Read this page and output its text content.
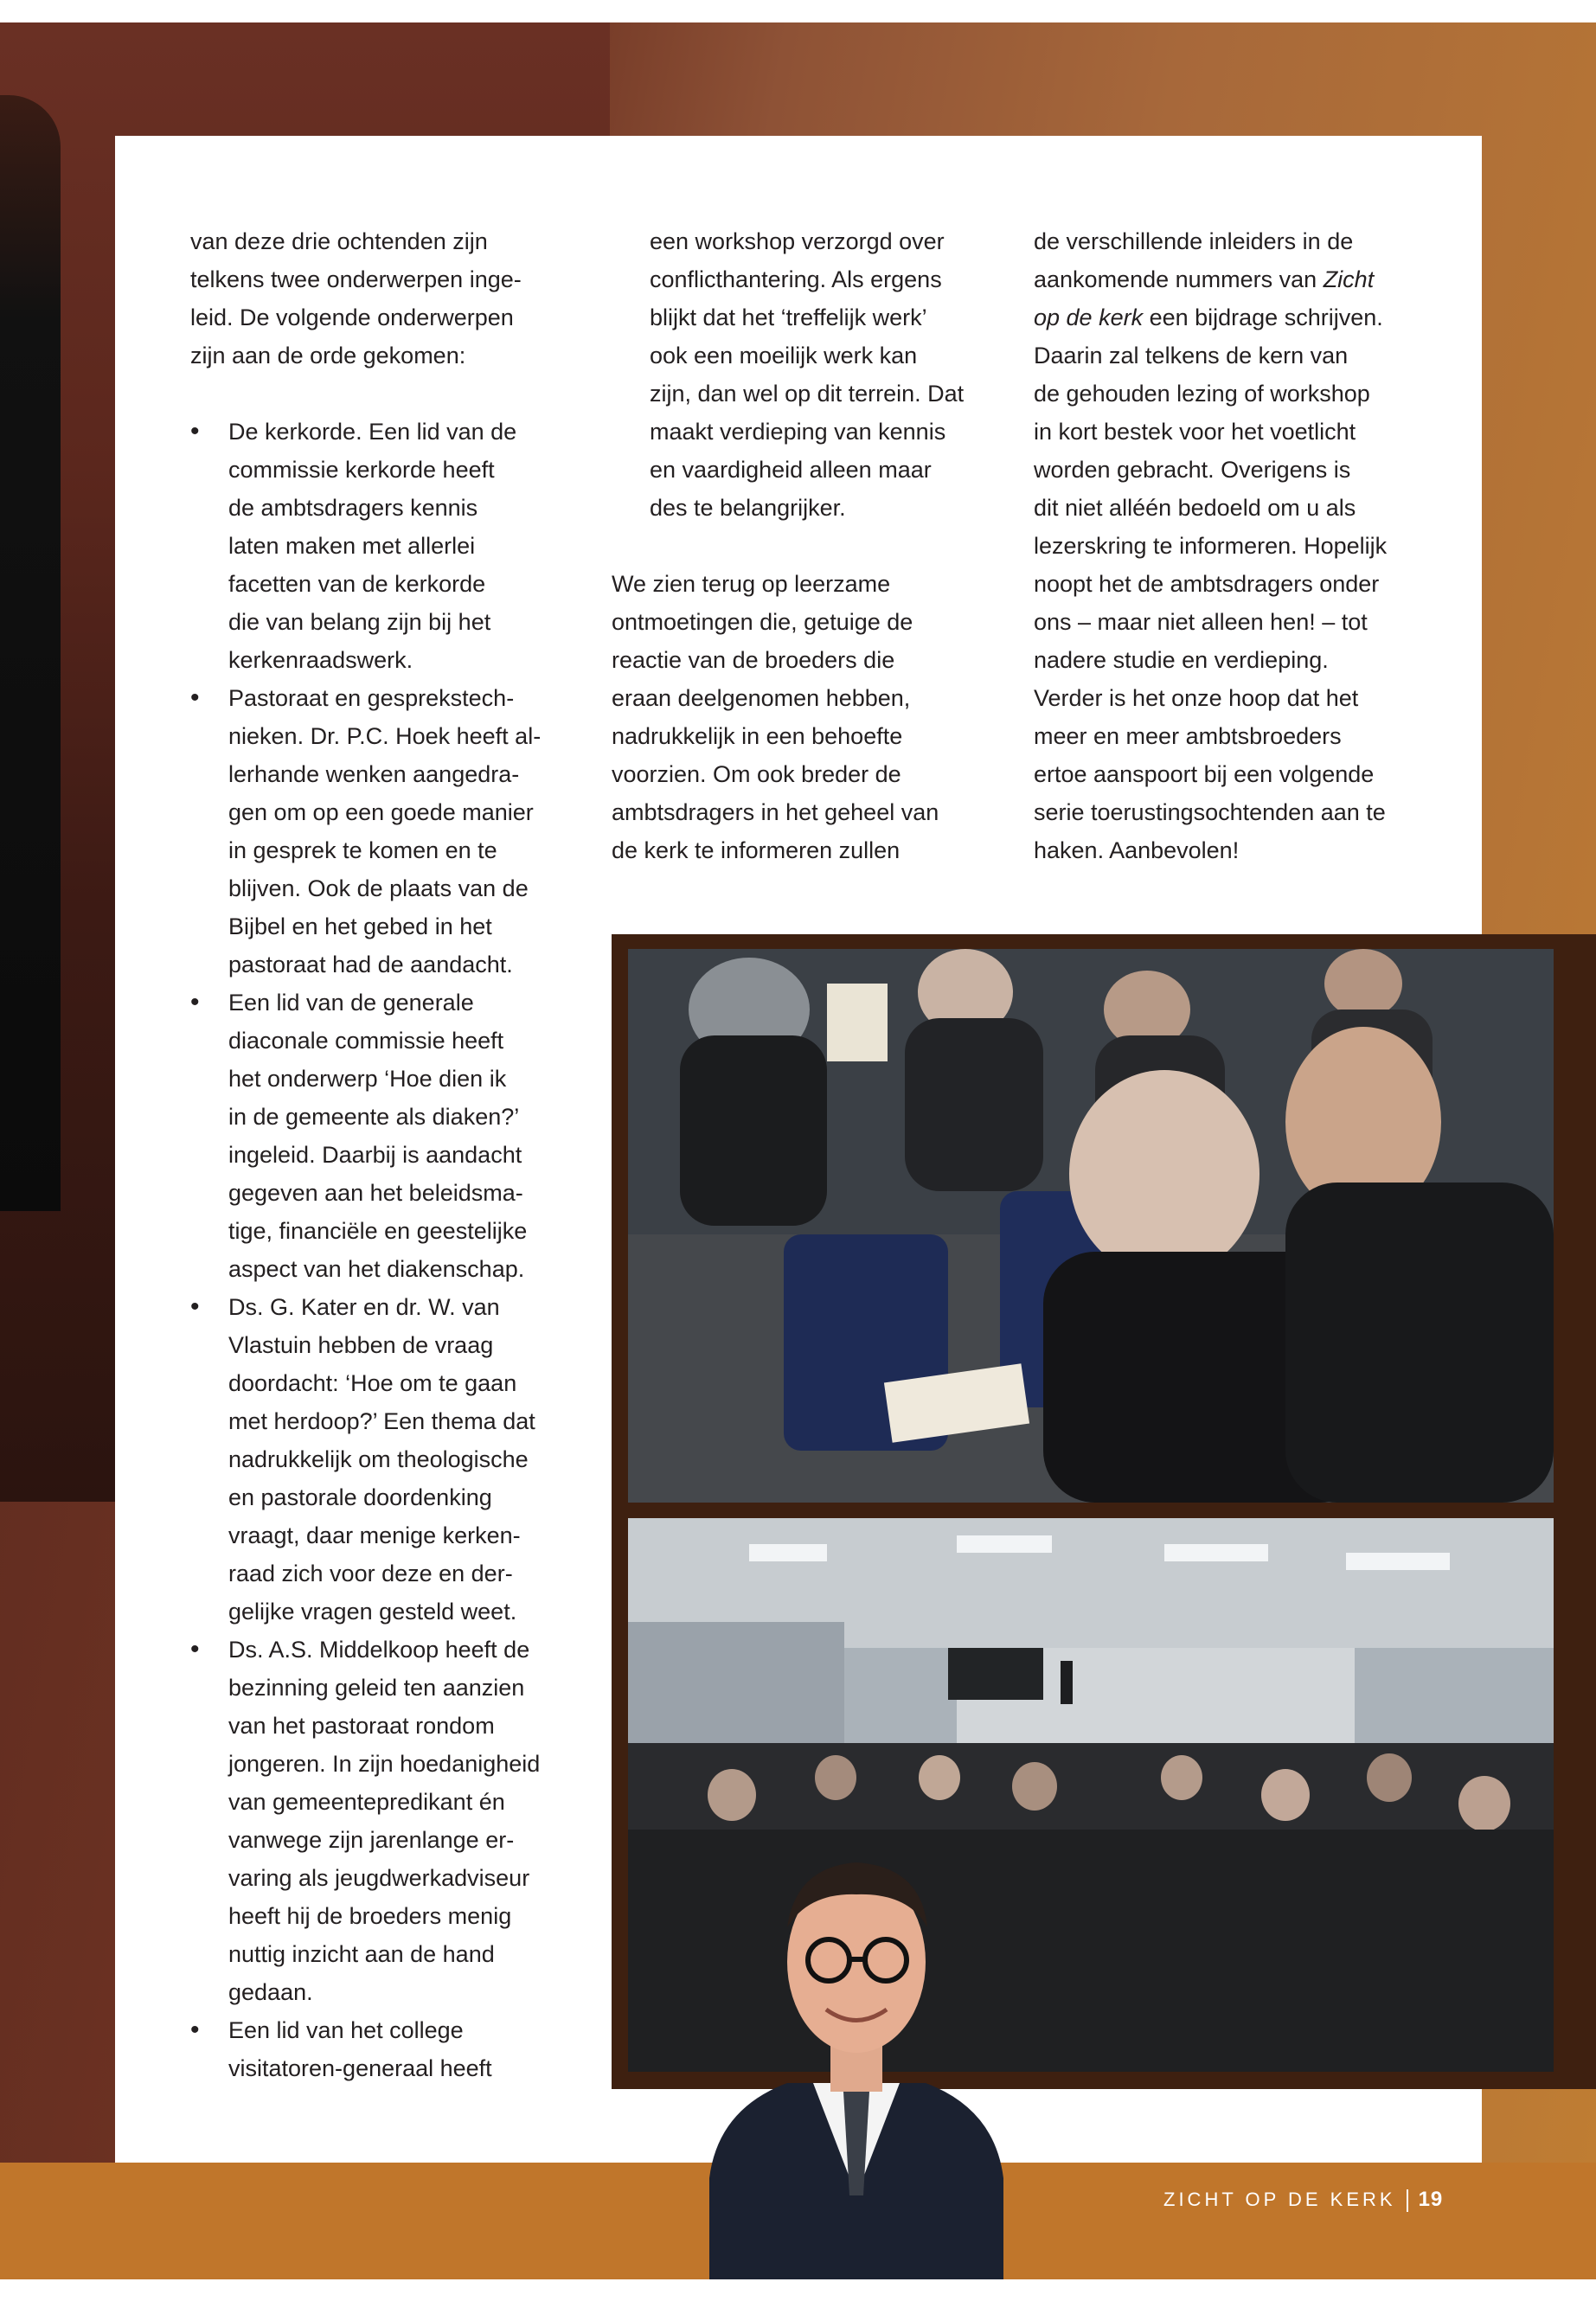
van deze drie ochtenden zijn

telkens twee onderwerpen inge-

leid. De volgende onderwerpen

zijn aan de orde gekomen:

• De kerkorde. Een lid van de

commissie kerkorde heeft

de ambtsdragers kennis

laten maken met allerlei

facetten van de kerkorde

die van belang zijn bij het

kerkenraadswerk.

• Pastoraat en gesprekstech-

nieken. Dr. P.C. Hoek heeft al-

lerhande wenken aangedra-

gen om op een goede manier

in gesprek te komen en te

blijven. Ook de plaats van de

Bijbel en het gebed in het

pastoraat had de aandacht.

• Een lid van de generale

diaconale commissie heeft

het onderwerp ‘Hoe dien ik

in de gemeente als diaken?’

ingeleid. Daarbij is aandacht

gegeven aan het beleidsma-

tige, financiële en geestelijke

aspect van het diakenschap.

• Ds. G. Kater en dr. W. van

Vlastuin hebben de vraag

doordacht: ‘Hoe om te gaan

met herdoop?’ Een thema dat

nadrukkelijk om theologische

en pastorale doordenking

vraagt, daar menige kerken-

raad zich voor deze en der-

gelijke vragen gesteld weet.

• Ds. A.S. Middelkoop heeft de

bezinning geleid ten aanzien

van het pastoraat rondom

jongeren. In zijn hoedanigheid

van gemeentepredikant én

vanwege zijn jarenlange er-

varing als jeugdwerkadviseur

heeft hij de broeders menig

nuttig inzicht aan de hand

gedaan.

• Een lid van het college

visitatoren-generaal heeft

een workshop verzorgd over

conflicthantering. Als ergens

blijkt dat het ‘treffelijk werk’

ook een moeilijk werk kan

zijn, dan wel op dit terrein. Dat

maakt verdieping van kennis

en vaardigheid alleen maar

des te belangrijker.

We zien terug op leerzame

ontmoetingen die, getuige de

reactie van de broeders die

eraan deelgenomen hebben,

nadrukkelijk in een behoefte

voorzien. Om ook breder de

ambtsdragers in het geheel van

de kerk te informeren zullen

de verschillende inleiders in de

aankomende nummers van Zicht

op de kerk een bijdrage schrijven.

Daarin zal telkens de kern van

de gehouden lezing of workshop

in kort bestek voor het voetlicht

worden gebracht. Overigens is

dit niet alléén bedoeld om u als

lezerskring te informeren. Hopelijk

noopt het de ambtsdragers onder

ons – maar niet alleen hen! – tot

nadere studie en verdieping.

Verder is het onze hoop dat het

meer en meer ambtsbroeders

ertoe aanspoort bij een volgende

serie toerustingsochtenden aan te

haken. Aanbevolen!

ZICHT OP DE KERK 19
